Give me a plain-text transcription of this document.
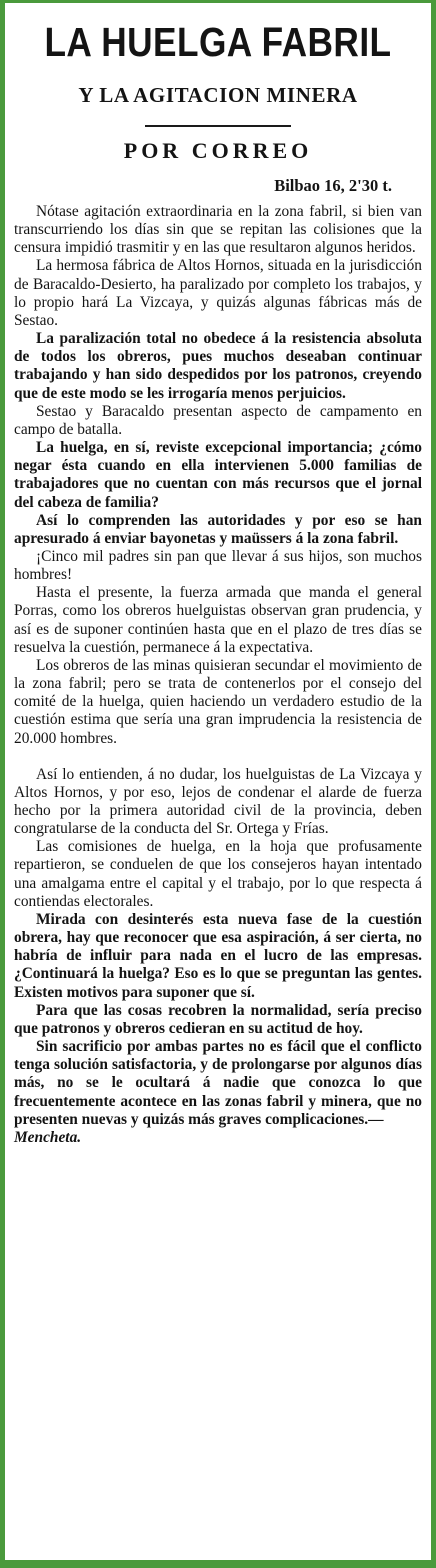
LA HUELGA FABRIL
Y LA AGITACION MINERA
POR CORREO
Bilbao 16, 2'30 t.

Nótase agitación extraordinaria en la zona fabril, si bien van transcurriendo los días sin que se repitan las colisiones que la censura impidió trasmitir y en las que resultaron algunos heridos.

La hermosa fábrica de Altos Hornos, situada en la jurisdicción de Baracaldo-Desierto, ha paralizado por completo los trabajos, y lo propio hará La Vizcaya, y quizás algunas fábricas más de Sestao.

La paralización total no obedece á la resistencia absoluta de todos los obreros, pues muchos deseaban continuar trabajando y han sido despedidos por los patronos, creyendo que de este modo se les irrogaría menos perjuicios.

Sestao y Baracaldo presentan aspecto de campamento en campo de batalla.

La huelga, en sí, reviste excepcional importancia; ¿cómo negar ésta cuando en ella intervienen 5.000 familias de trabajadores que no cuentan con más recursos que el jornal del cabeza de familia?

Así lo comprenden las autoridades y por eso se han apresurado á enviar bayonetas y maüssers á la zona fabril.

¡Cinco mil padres sin pan que llevar á sus hijos, son muchos hombres!

Hasta el presente, la fuerza armada que manda el general Porras, como los obreros huelguistas observan gran prudencia, y así es de suponer continúen hasta que en el plazo de tres días se resuelva la cuestión, permanece á la expectativa.

Los obreros de las minas quisieran secundar el movimiento de la zona fabril; pero se trata de contenerlos por el consejo del comité de la huelga, quien haciendo un verdadero estudio de la cuestión estima que sería una gran imprudencia la resistencia de 20.000 hombres.

Así lo entienden, á no dudar, los huelguistas de La Vizcaya y Altos Hornos, y por eso, lejos de condenar el alarde de fuerza hecho por la primera autoridad civil de la provincia, deben congratularse de la conducta del Sr. Ortega y Frías.

Las comisiones de huelga, en la hoja que profusamente repartieron, se conduelen de que los consejeros hayan intentado una amalgama entre el capital y el trabajo, por lo que respecta á contiendas electorales.

Mirada con desinterés esta nueva fase de la cuestión obrera, hay que reconocer que esa aspiración, á ser cierta, no habría de influir para nada en el lucro de las empresas. ¿Continuará la huelga? Eso es lo que se preguntan las gentes. Existen motivos para suponer que sí.

Para que las cosas recobren la normalidad, sería preciso que patronos y obreros cedieran en su actitud de hoy.

Sin sacrificio por ambas partes no es fácil que el conflicto tenga solución satisfactoria, y de prolongarse por algunos días más, no se le ocultará á nadie que conozca lo que frecuentemente acontece en las zonas fabril y minera, que no presenten nuevas y quizás más graves complicaciones.—

Mencheta.
